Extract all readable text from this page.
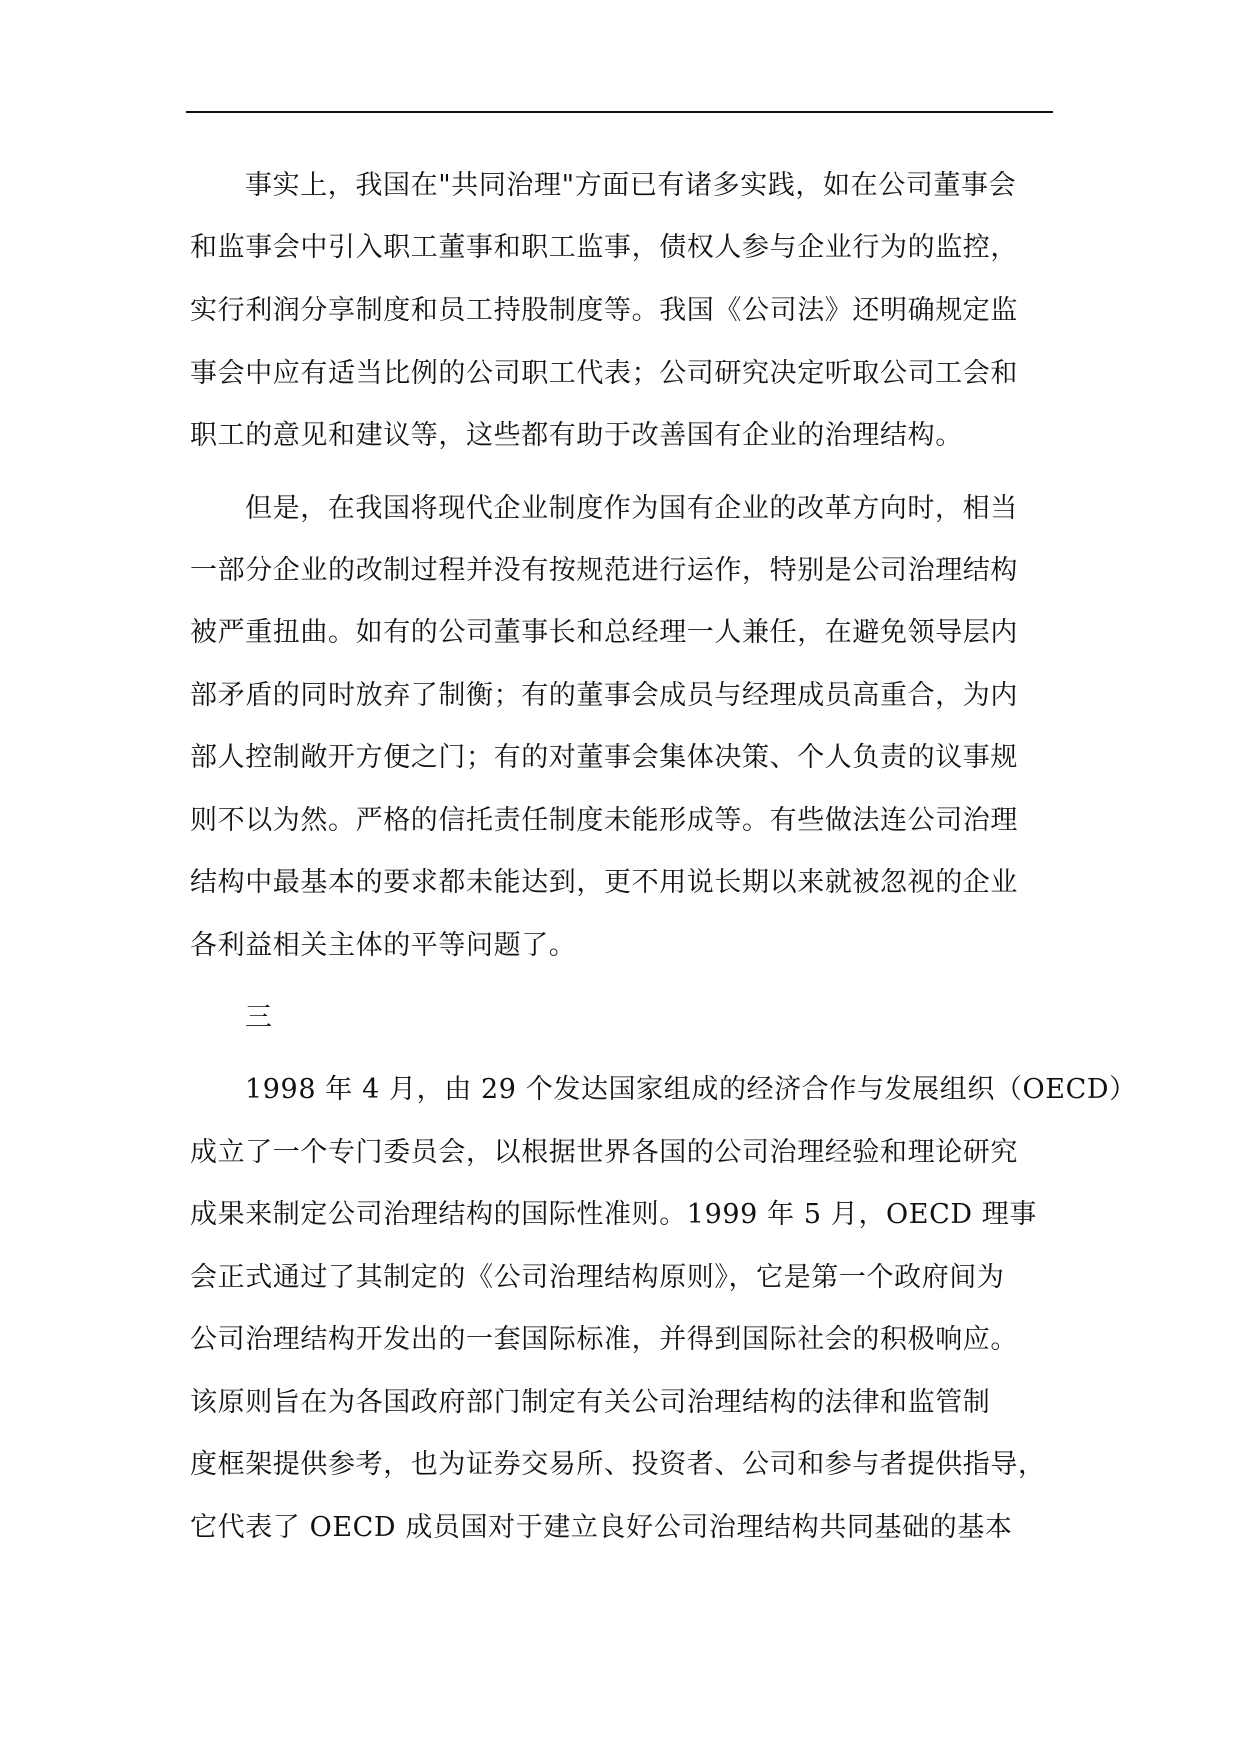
事实上，我国在"共同治理"方面已有诸多实践，如在公司董事会
和监事会中引入职工董事和职工监事，债权人参与企业行为的监控，
实行利润分享制度和员工持股制度等。我国《公司法》还明确规定监
事会中应有适当比例的公司职工代表；公司研究决定听取公司工会和
职工的意见和建议等，这些都有助于改善国有企业的治理结构。
但是，在我国将现代企业制度作为国有企业的改革方向时，相当
一部分企业的改制过程并没有按规范进行运作，特别是公司治理结构
被严重扭曲。如有的公司董事长和总经理一人兼任，在避免领导层内
部矛盾的同时放弃了制衡；有的董事会成员与经理成员高重合，为内
部人控制敞开方便之门；有的对董事会集体决策、个人负责的议事规
则不以为然。严格的信托责任制度未能形成等。有些做法连公司治理
结构中最基本的要求都未能达到，更不用说长期以来就被忽视的企业
各利益相关主体的平等问题了。
三
1998 年 4 月，由 29 个发达国家组成的经济合作与发展组织（OECD）
成立了一个专门委员会，以根据世界各国的公司治理经验和理论研究
成果来制定公司治理结构的国际性准则。1999 年 5 月，OECD 理事
会正式通过了其制定的《公司治理结构原则》，它是第一个政府间为
公司治理结构开发出的一套国际标准，并得到国际社会的积极响应。
该原则旨在为各国政府部门制定有关公司治理结构的法律和监管制
度框架提供参考，也为证券交易所、投资者、公司和参与者提供指导，
它代表了 OECD 成员国对于建立良好公司治理结构共同基础的基本
